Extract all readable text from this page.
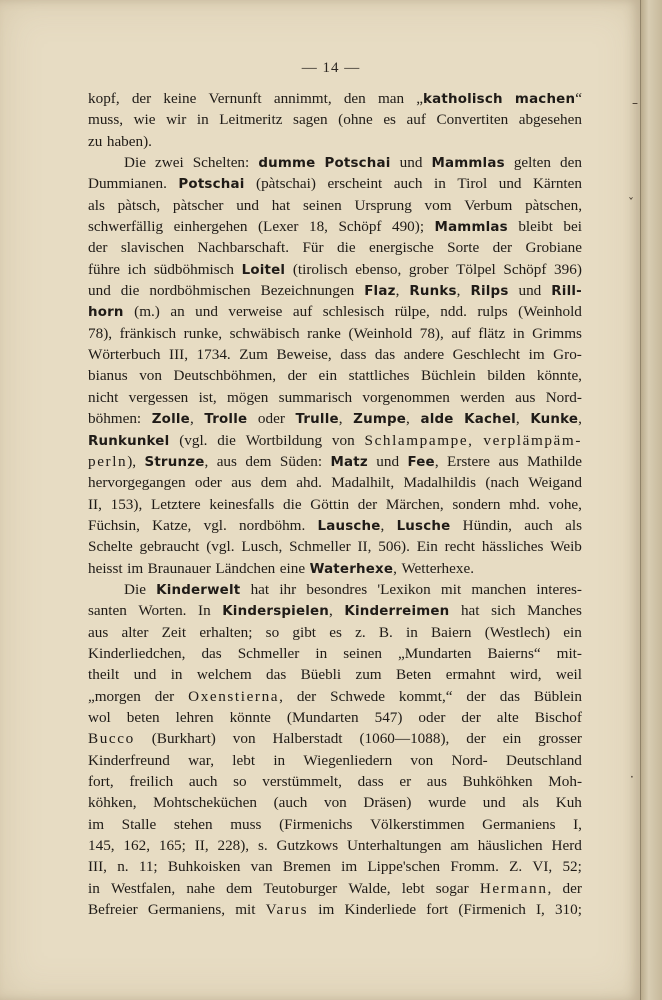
— 14 —
kopf, der keine Vernunft annimmt, den man „katholisch machen“
muss, wie wir in Leitmeritz sagen (ohne es auf Convertiten abgesehen
zu haben).
Die zwei Schelten: dumme Potschai und Mammlas gelten den
Dummianen. Potschai (pàtschai) erscheint auch in Tirol und Kärnten
als pàtsch, pàtscher und hat seinen Ursprung vom Verbum pàtschen,
schwerfällig einhergehen (Lexer 18, Schöpf 490); Mammlas bleibt bei
der slavischen Nachbarschaft. Für die energische Sorte der Grobiane
führe ich südböhmisch Loitel (tirolisch ebenso, grober Tölpel Schöpf 396)
und die nordböhmischen Bezeichnungen Flaz, Runks, Rilps und Rill-
horn (m.) an und verweise auf schlesisch rülpe, ndd. rulps (Weinhold
78), fränkisch runke, schwäbisch ranke (Weinhold 78), auf flätz in Grimms
Wörterbuch III, 1734. Zum Beweise, dass das andere Geschlecht im Gro-
bianus von Deutschböhmen, der ein stattliches Büchlein bilden könnte,
nicht vergessen ist, mögen summarisch vorgenommen werden aus Nord-
böhmen: Zolle, Trolle oder Trulle, Zumpe, alde Kachel, Kunke,
Runkunkel (vgl. die Wortbildung von Schlampampe, verplämpäm-
perln), Strunze, aus dem Süden: Matz und Fee, Erstere aus Mathilde
hervorgegangen oder aus dem ahd. Madalhilt, Madalhildis (nach Weigand
II, 153), Letztere keinesfalls die Göttin der Märchen, sondern mhd. vohe,
Füchsin, Katze, vgl. nordböhm. Lausche, Lusche Hündin, auch als
Schelte gebraucht (vgl. Lusch, Schmeller II, 506). Ein recht hässliches Weib
heisst im Braunauer Ländchen eine Waterhexe, Wetterhexe.
Die Kinderwelt hat ihr besondres 'Lexikon mit manchen interes-
santen Worten. In Kinderspielen, Kinderreimen hat sich Manches
aus alter Zeit erhalten; so gibt es z. B. in Baiern (Westlech) ein
Kinderliedchen, das Schmeller in seinen „Mundarten Baierns“ mit-
theilt und in welchem das Büebli zum Beten ermahnt wird, weil
„morgen der Oxenstierna, der Schwede kommt,“ der das Büblein
wol beten lehren könnte (Mundarten 547) oder der alte Bischof
Bucco (Burkhart) von Halberstadt (1060—1088), der ein grosser
Kinderfreund war, lebt in Wiegenliedern von Nord- Deutschland
fort, freilich auch so verstümmelt, dass er aus Buhköhken Moh-
köhken, Mohtscheküchen (auch von Dräsen) wurde und als Kuh
im Stalle stehen muss (Firmenichs Völkerstimmen Germaniens I,
145, 162, 165; II, 228), s. Gutzkows Unterhaltungen am häuslichen Herd
III, n. 11; Buhkoisken van Bremen im Lippe'schen Fromm. Z. VI, 52;
in Westfalen, nahe dem Teutoburger Walde, lebt sogar Hermann, der
Befreier Germaniens, mit Varus im Kinderliede fort (Firmenich I, 310;
–
ˇ
·
